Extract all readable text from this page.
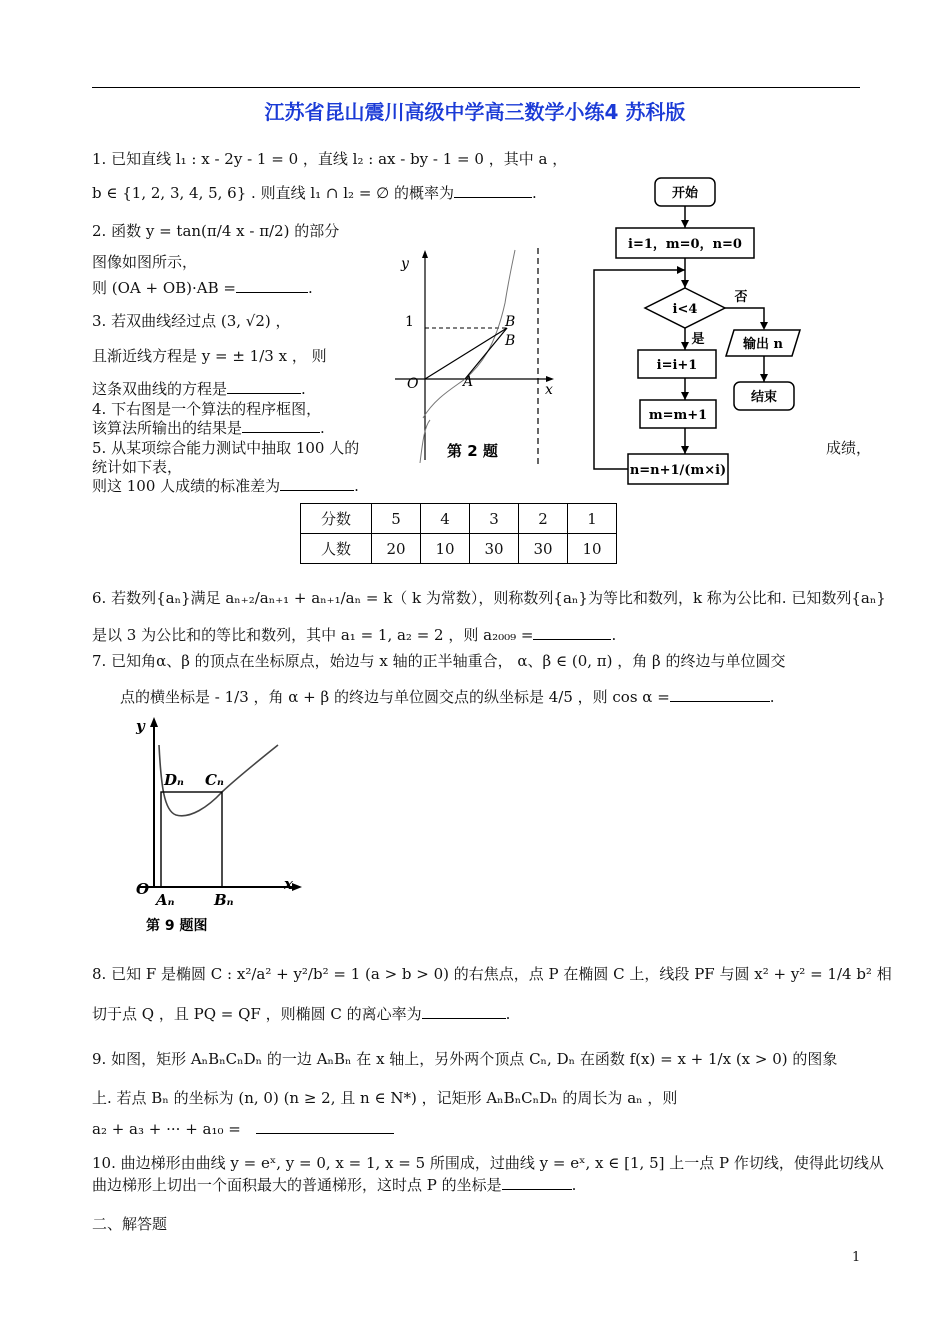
江苏省昆山震川高级中学高三数学小练4 苏科版
1. 已知直线 l₁ : x - 2y - 1 = 0 ，直线 l₂ : ax - by - 1 = 0 ，其中 a ，
b ∈ {1, 2, 3, 4, 5, 6} . 则直线 l₁ ∩ l₂ = ∅ 的概率为	.
2. 函数 y = tan(π/4 x - π/2) 的部分
图像如图所示，
则 (OA + OB)·AB =	.
3. 若双曲线经过点 (3, √2) ，
且渐近线方程是 y = ± 1/3 x ， 则
这条双曲线的方程是	.
4. 下右图是一个算法的程序框图，
该算法所输出的结果是	.
5. 从某项综合能力测试中抽取 100 人的	成绩，
统计如下表，
则这 100 人成绩的标准差为	.
分数	5	4	3	2	1
人数	20	10	30	30	10
y
x
O
1
A
B
B
第 2 题
开始
i=1，m=0，n=0
i<4
是
否
输出 n
结束
i=i+1
m=m+1
n=n+1/(m×i)
6. 若数列{aₙ}满足 aₙ₊₂/aₙ₊₁ + aₙ₊₁/aₙ = k（ k 为常数），则称数列{aₙ}为等比和数列，k 称为公比和. 已知数列{aₙ}
是以 3 为公比和的等比和数列，其中 a₁ = 1, a₂ = 2 ，则 a₂₀₀₉ =	.
7. 已知角α、β 的顶点在坐标原点，始边与 x 轴的正半轴重合， α、β ∈ (0, π) ，角 β 的终边与单位圆交
点的横坐标是 - 1/3 ，角 α + β 的终边与单位圆交点的纵坐标是 4/5 ，则 cos α =	.
y
x
O
Dₙ Cₙ
Aₙ	Bₙ
第 9 题图
8. 已知 F 是椭圆 C : x²/a² + y²/b² = 1 (a > b > 0) 的右焦点，点 P 在椭圆 C 上，线段 PF 与圆 x² + y² = 1/4 b² 相
切于点 Q ，且 PQ = QF ，则椭圆 C 的离心率为	.
9. 如图，矩形 AₙBₙCₙDₙ 的一边 AₙBₙ 在 x 轴上，另外两个顶点 Cₙ, Dₙ 在函数 f(x) = x + 1/x (x > 0) 的图象
上. 若点 Bₙ 的坐标为 (n, 0) (n ≥ 2, 且 n ∈ N*) ，记矩形 AₙBₙCₙDₙ 的周长为 aₙ ，则
a₂ + a₃ + ··· + a₁₀ =
10. 曲边梯形由曲线 y = eˣ, y = 0, x = 1, x = 5 所围成，过曲线 y = eˣ, x ∈ [1, 5] 上一点 P 作切线，使得此切线从
曲边梯形上切出一个面积最大的普通梯形，这时点 P 的坐标是	.
二、解答题
1
